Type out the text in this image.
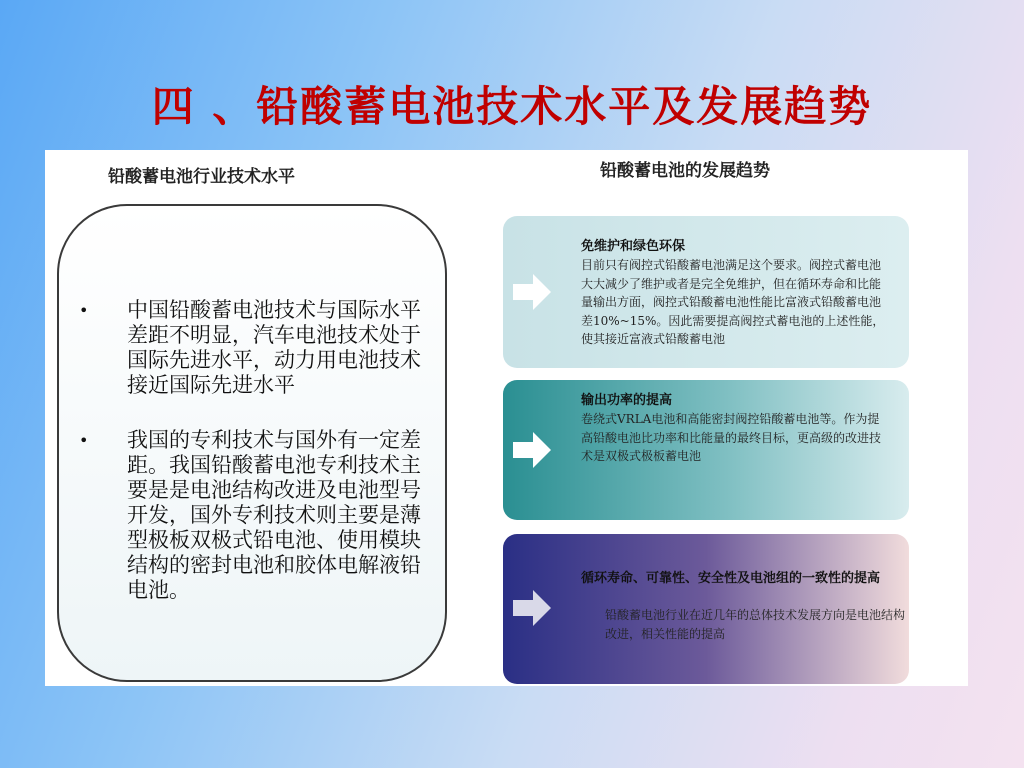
四 、铅酸蓄电池技术水平及发展趋势
铅酸蓄电池行业技术水平	铅酸蓄电池的发展趋势
• 中国铅酸蓄电池技术与国际水平差距不明显，汽车电池技术处于国际先进水平，动力用电池技术接近国际先进水平
• 我国的专利技术与国外有一定差距。我国铅酸蓄电池专利技术主要是是电池结构改进及电池型号开发，国外专利技术则主要是薄型极板双极式铅电池、使用模块结构的密封电池和胶体电解液铅电池。
免维护和绿色环保
目前只有阀控式铅酸蓄电池满足这个要求。阀控式蓄电池大大减少了维护或者是完全免维护，但在循环寿命和比能量输出方面，阀控式铅酸蓄电池性能比富液式铅酸蓄电池差10%~15%。因此需要提高阀控式蓄电池的上述性能，使其接近富液式铅酸蓄电池
输出功率的提高
卷绕式VRLA电池和高能密封阀控铅酸蓄电池等。作为提高铅酸电池比功率和比能量的最终目标，更高级的改进技术是双极式极板蓄电池
循环寿命、可靠性、安全性及电池组的一致性的提高
铅酸蓄电池行业在近几年的总体技术发展方向是电池结构改进，相关性能的提高
